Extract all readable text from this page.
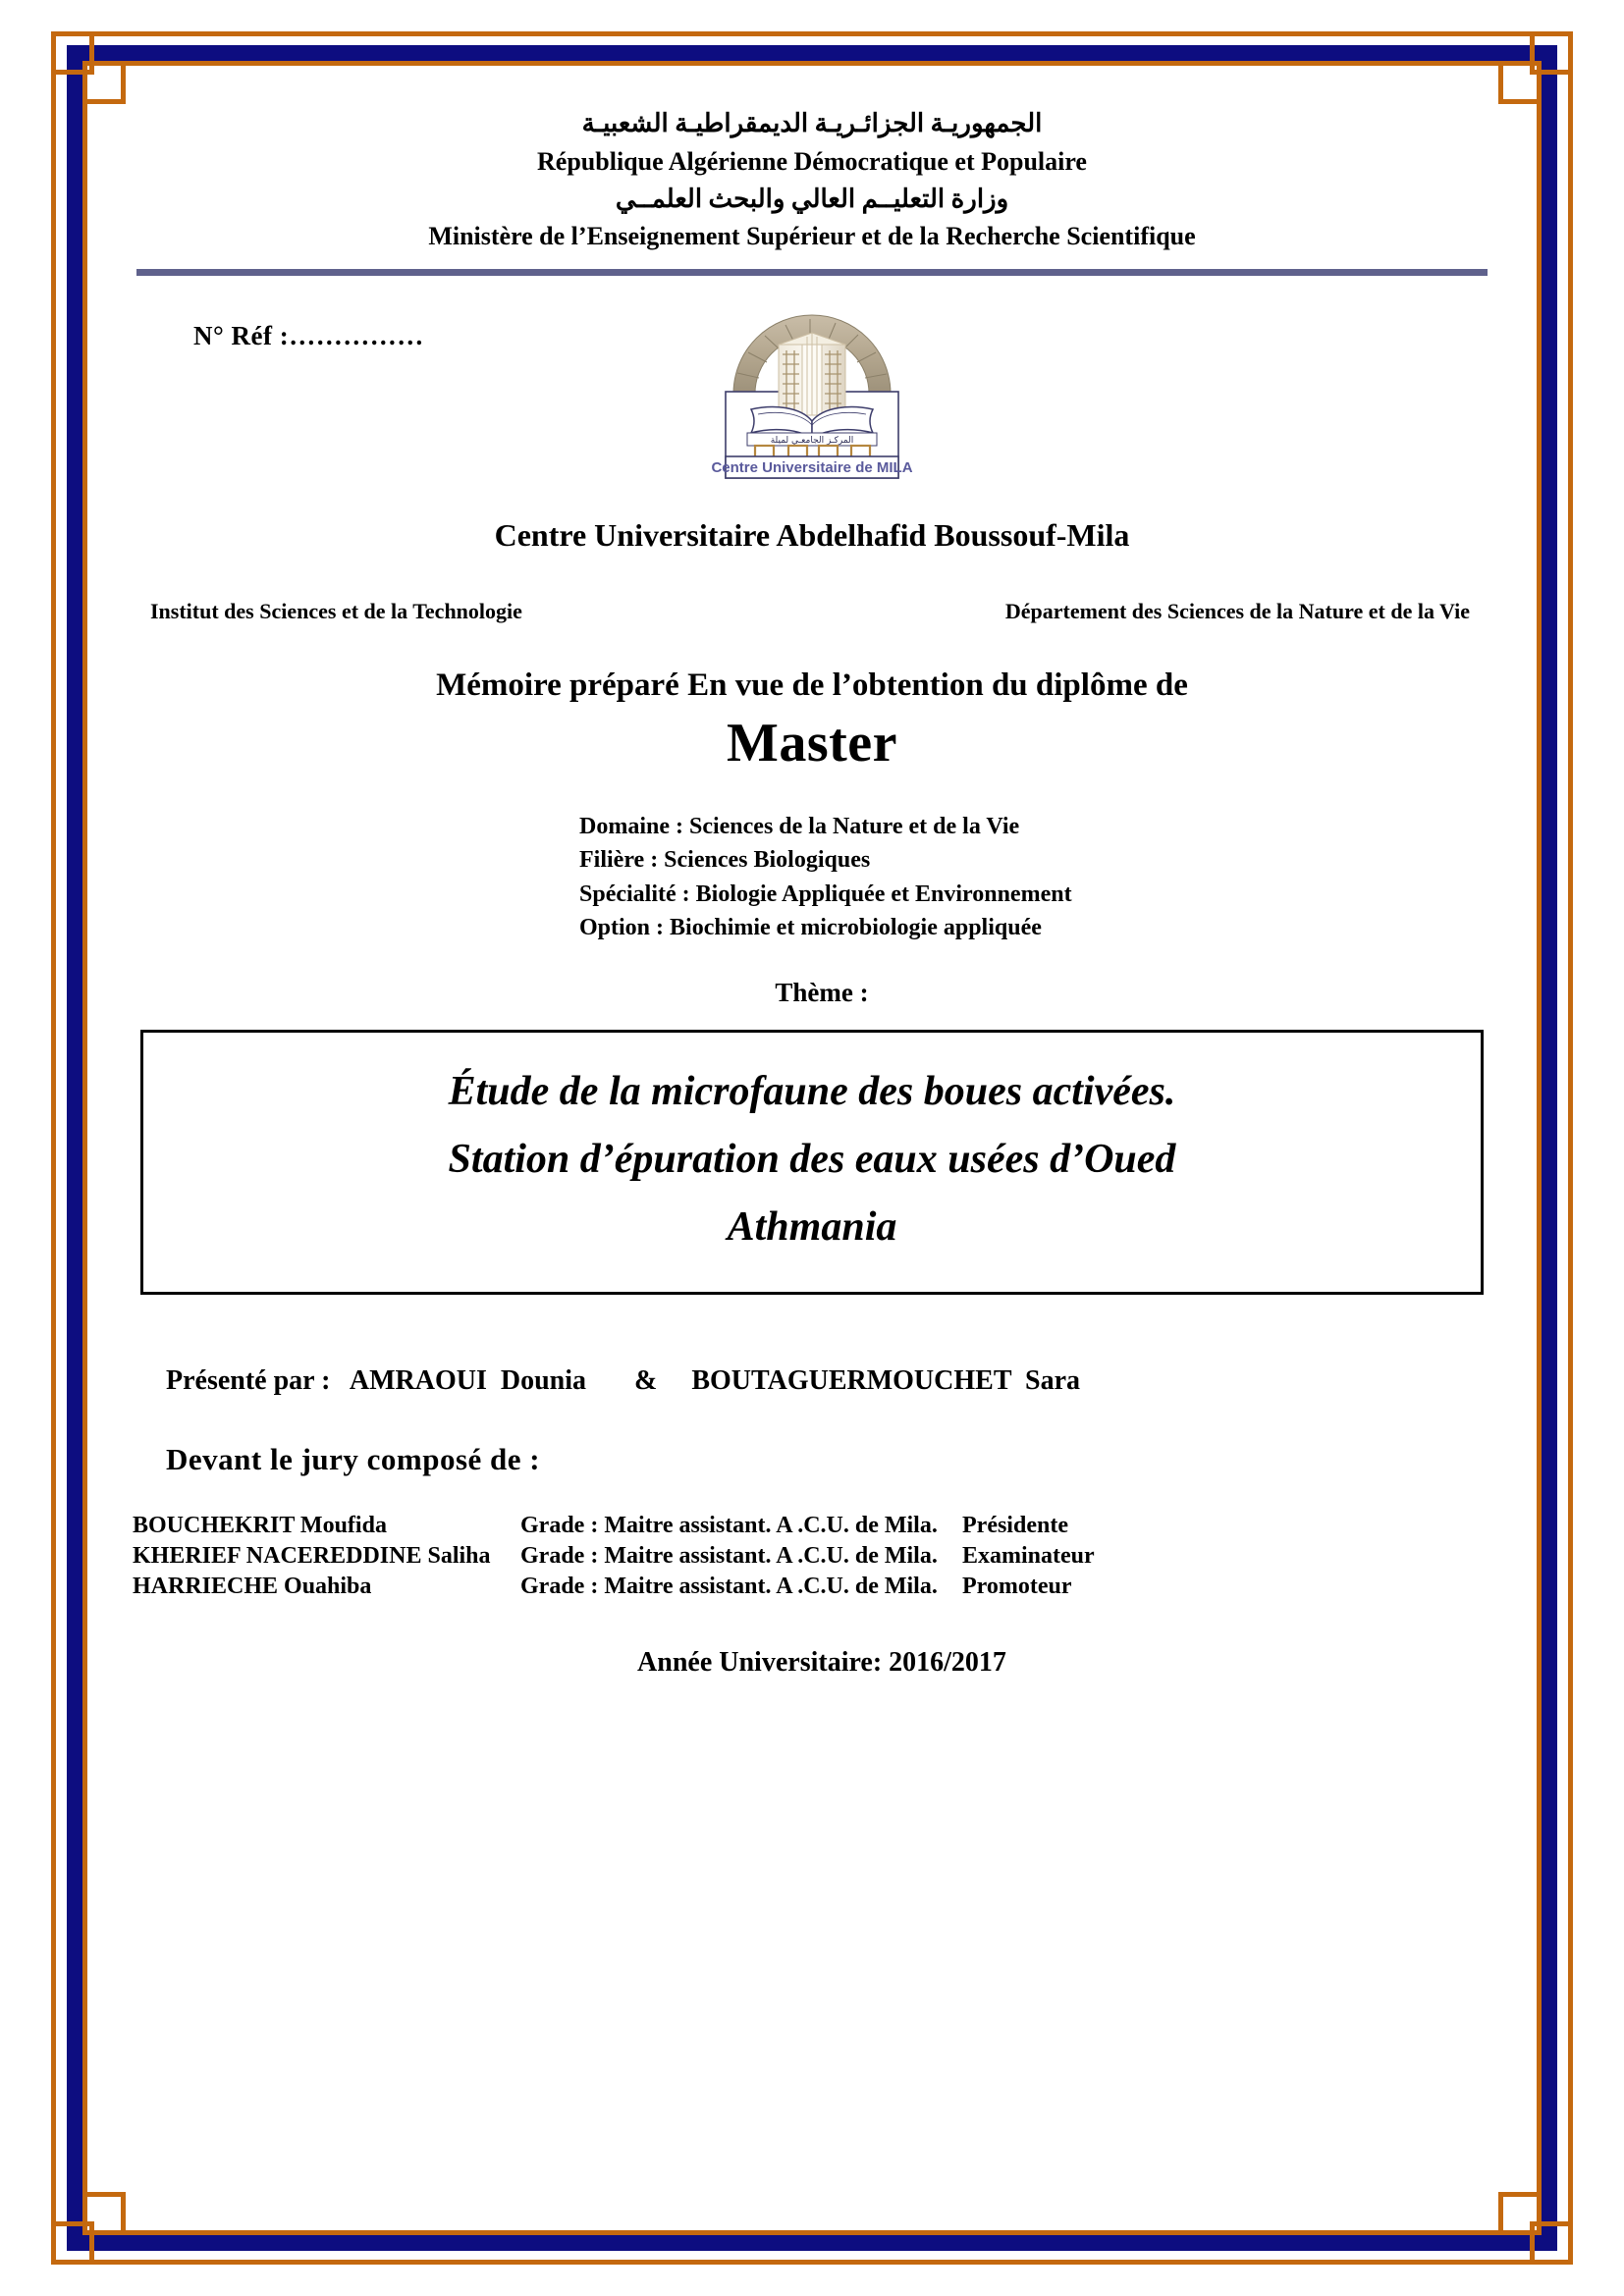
الجمهوريـة الجزائـريـة الديمقراطيـة الشعبيـة
République Algérienne Démocratique et Populaire
وزارة التعليــم العالي والبحث العلمــي
Ministère de l’Enseignement Supérieur et de la Recherche Scientifique
N° Réf :……………
المركـز الجامعـي لميلة
Centre Universitaire de MILA
Centre Universitaire Abdelhafid Boussouf-Mila
Institut des Sciences et de la Technologie	Département des Sciences de la Nature et de la Vie
Mémoire préparé En vue de l’obtention du diplôme de
Master
Domaine : Sciences de la Nature et de la Vie
Filière : Sciences Biologiques
Spécialité : Biologie Appliquée et Environnement
Option : Biochimie et microbiologie appliquée
Thème :
Étude de la microfaune des boues activées.
Station d’épuration des eaux usées d’Oued
Athmania
Présenté par :   AMRAOUI  Dounia       &     BOUTAGUERMOUCHET  Sara
Devant le jury composé de :
BOUCHEKRIT Moufida	Grade : Maitre assistant. A .C.U. de Mila.	Présidente
KHERIEF NACEREDDINE Saliha	Grade : Maitre assistant. A .C.U. de Mila.	Examinateur
HARRIECHE Ouahiba	Grade : Maitre assistant. A .C.U. de Mila.	Promoteur
Année Universitaire: 2016/2017
